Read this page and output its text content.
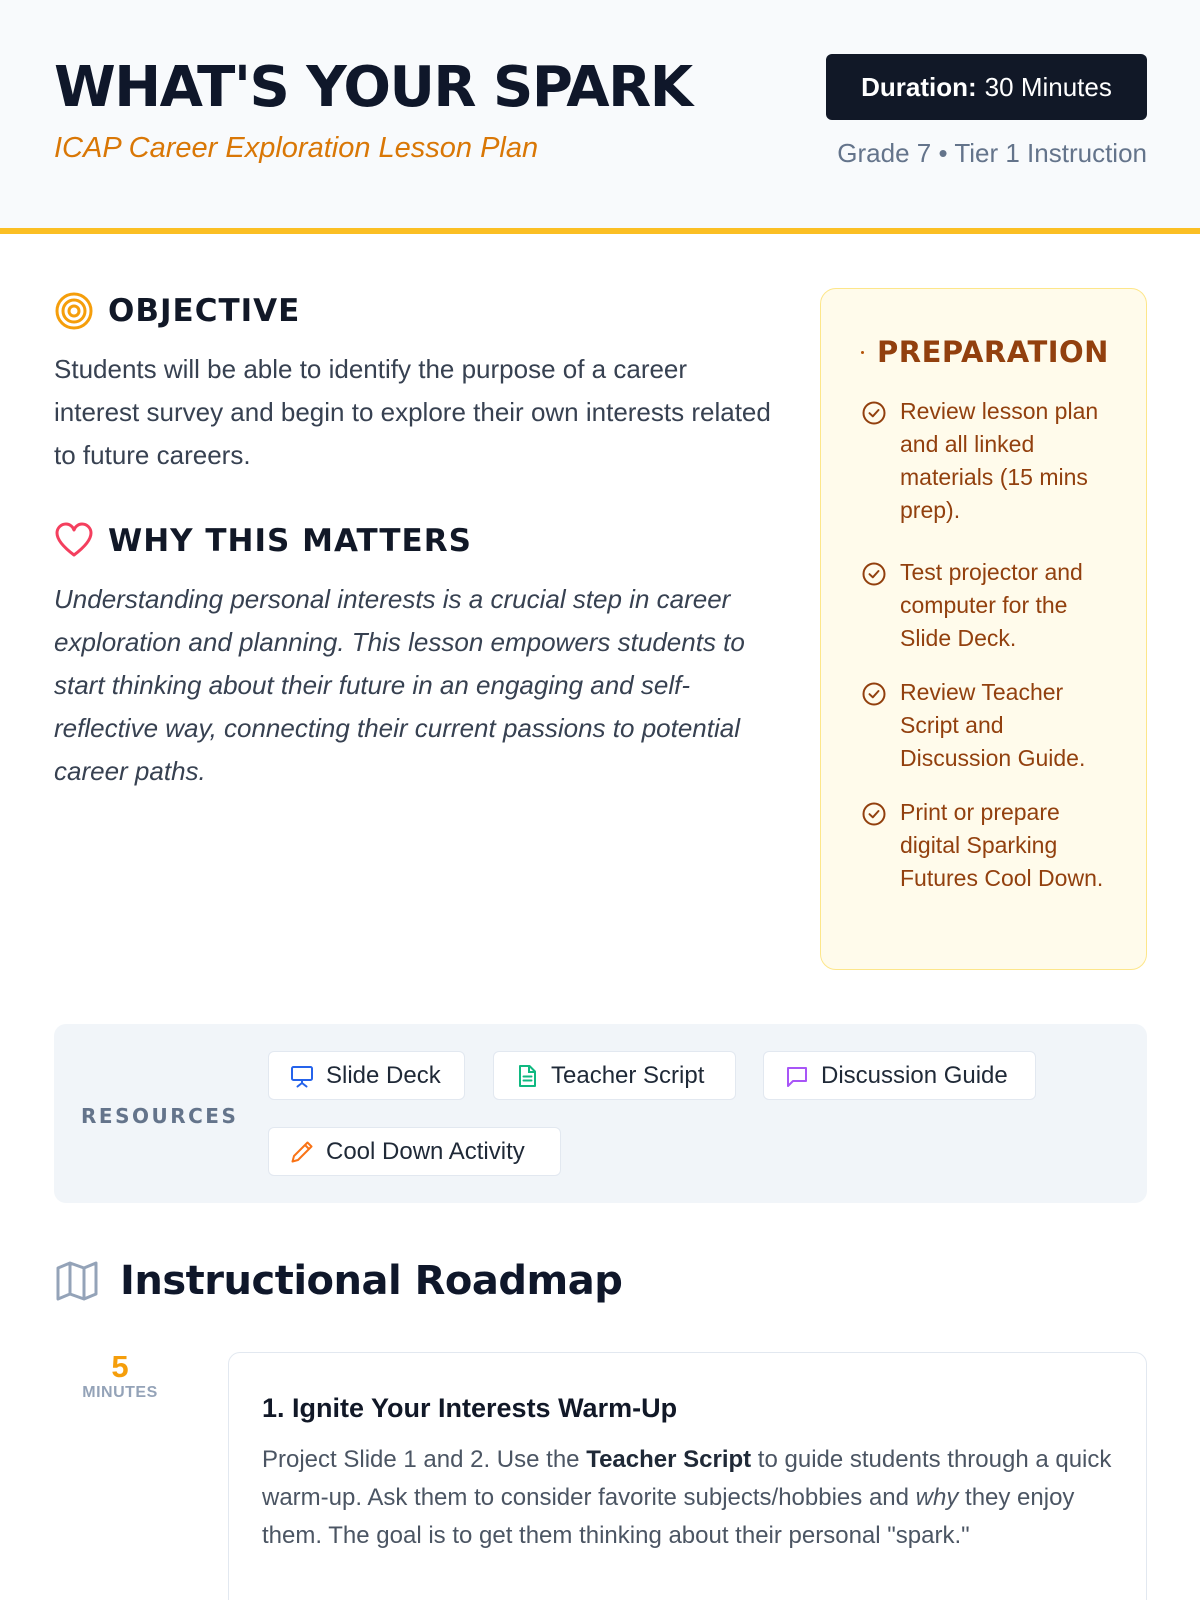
WHAT'S YOUR SPARK
ICAP Career Exploration Lesson Plan
Duration: 30 Minutes
Grade 7 • Tier 1 Instruction
OBJECTIVE
Students will be able to identify the purpose of a career interest survey and begin to explore their own interests related to future careers.
WHY THIS MATTERS
Understanding personal interests is a crucial step in career exploration and planning. This lesson empowers students to start thinking about their future in an engaging and self-reflective way, connecting their current passions to potential career paths.
PREPARATION
Review lesson plan and all linked materials (15 mins prep).
Test projector and computer for the Slide Deck.
Review Teacher Script and Discussion Guide.
Print or prepare digital Sparking Futures Cool Down.
RESOURCES
Slide Deck	Teacher Script	Discussion Guide
Cool Down Activity
Instructional Roadmap
5
MINUTES
1. Ignite Your Interests Warm-Up
Project Slide 1 and 2. Use the Teacher Script to guide students through a quick warm-up. Ask them to consider favorite subjects/hobbies and why they enjoy them. The goal is to get them thinking about their personal "spark."
